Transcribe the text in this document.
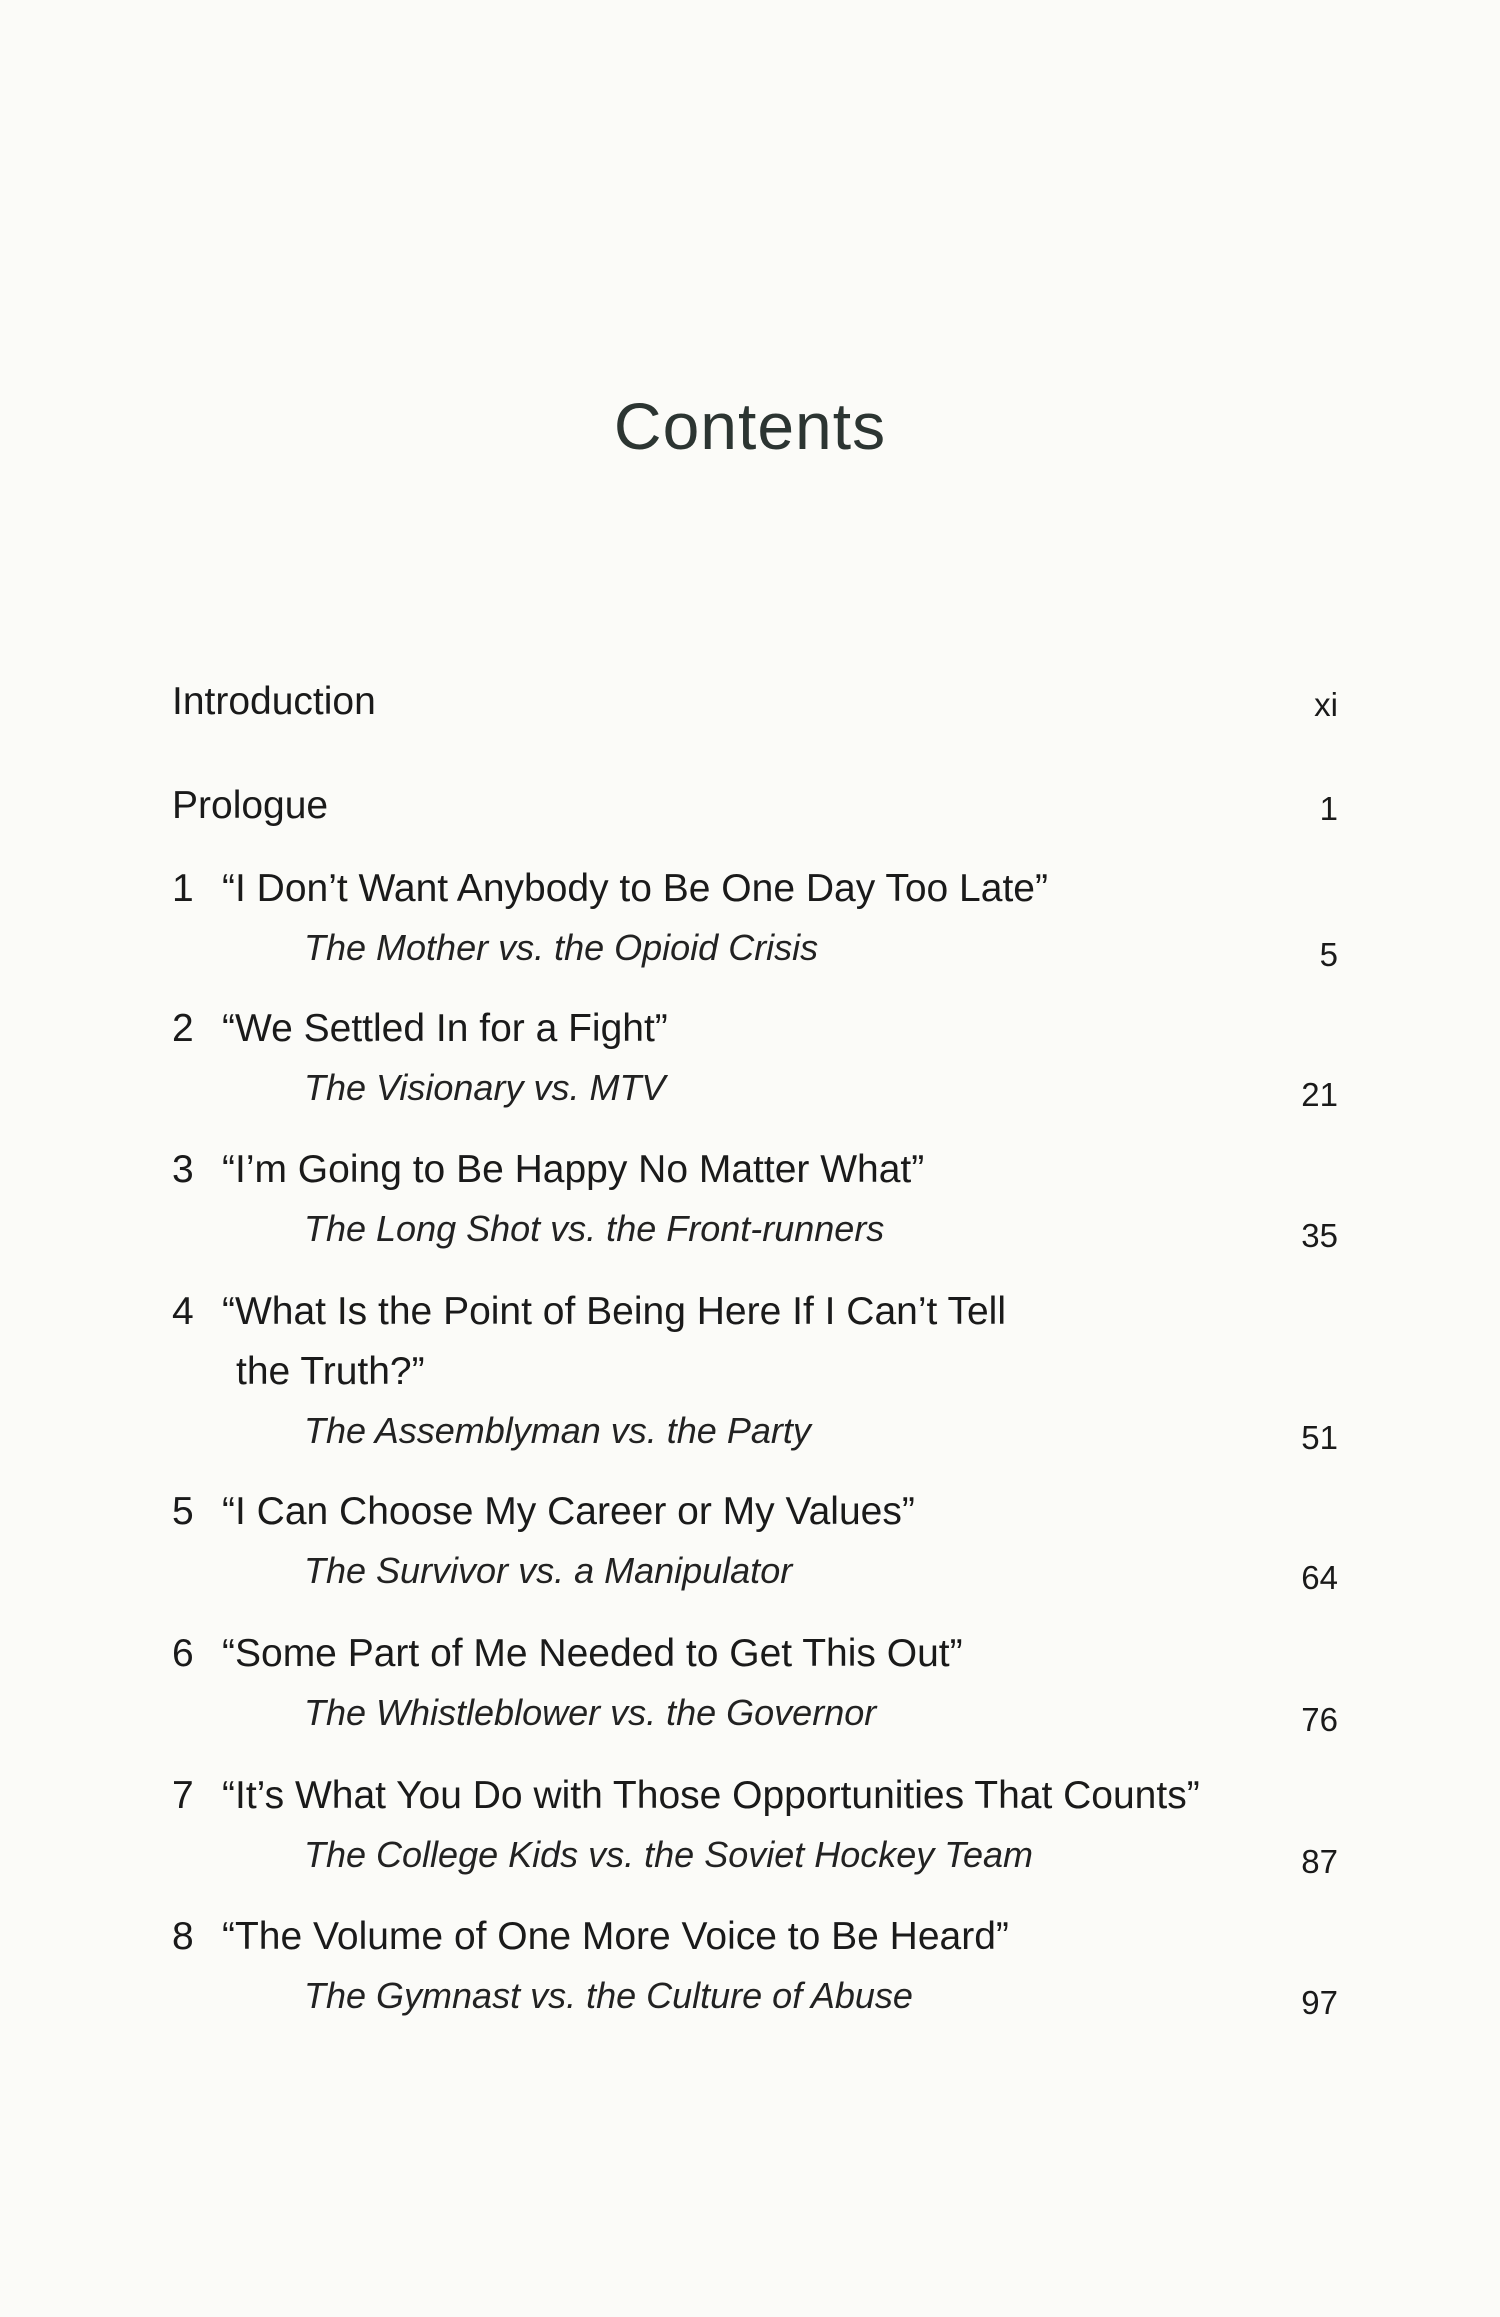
Contents
Introduction	xi
Prologue	1
1 “I Don’t Want Anybody to Be One Day Too Late”
The Mother vs. the Opioid Crisis	5
2 “We Settled In for a Fight”
The Visionary vs. MTV	21
3 “I’m Going to Be Happy No Matter What”
The Long Shot vs. the Front-runners	35
4 “What Is the Point of Being Here If I Can’t Tell
the Truth?”
The Assemblyman vs. the Party	51
5 “I Can Choose My Career or My Values”
The Survivor vs. a Manipulator	64
6 “Some Part of Me Needed to Get This Out”
The Whistleblower vs. the Governor	76
7 “It’s What You Do with Those Opportunities That Counts”
The College Kids vs. the Soviet Hockey Team	87
8 “The Volume of One More Voice to Be Heard”
The Gymnast vs. the Culture of Abuse	97
